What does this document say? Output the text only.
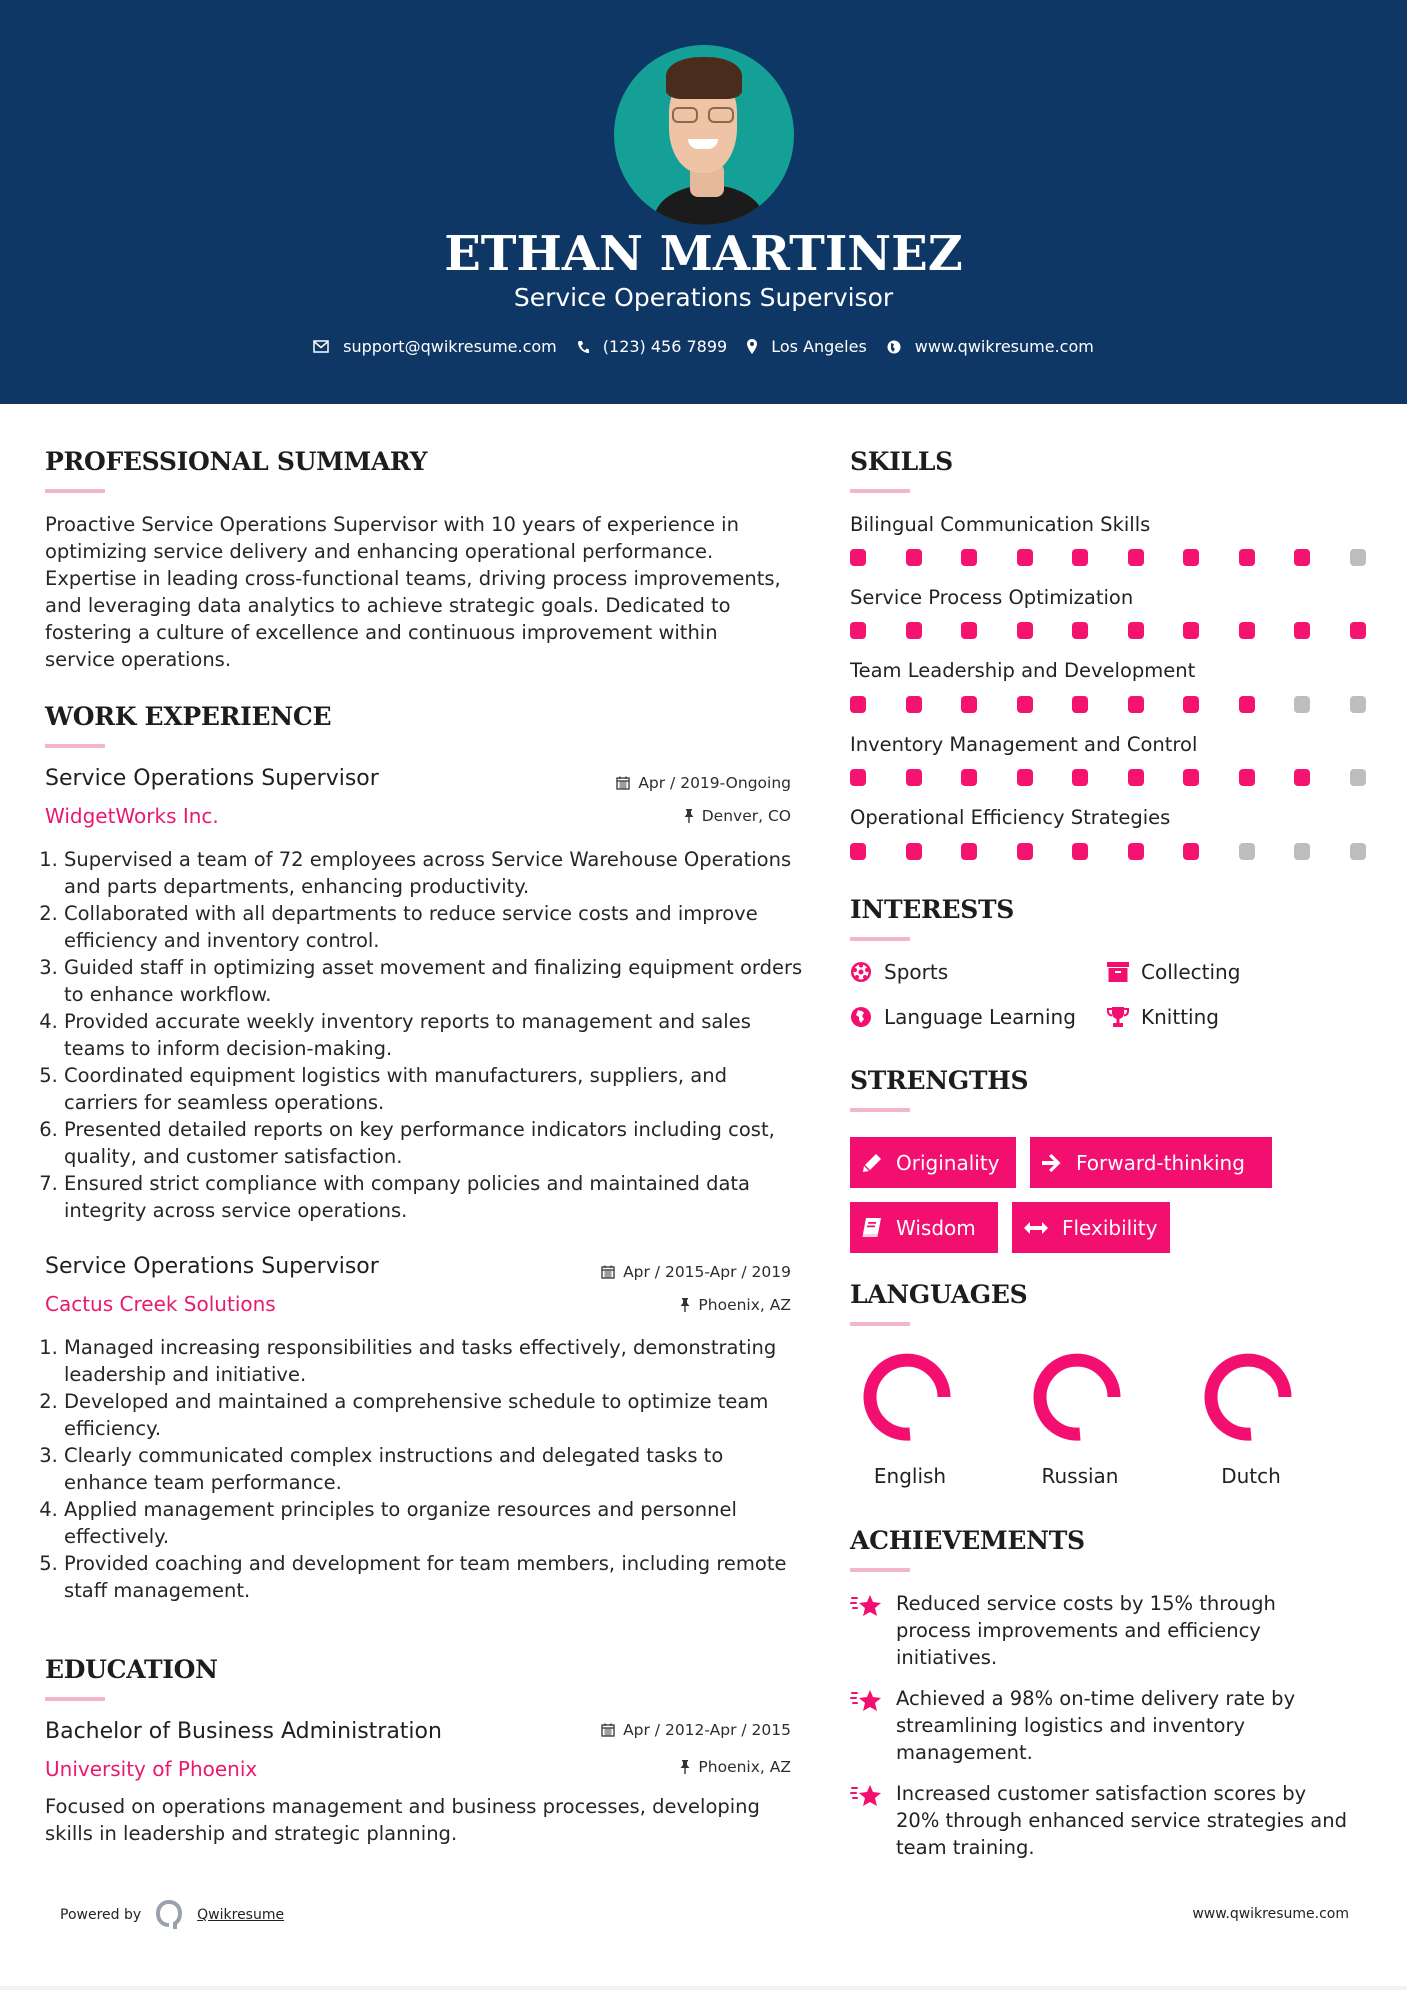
ETHAN MARTINEZ
Service Operations Supervisor
support@qwikresume.com	(123) 456 7899	Los Angeles	www.qwikresume.com
PROFESSIONAL SUMMARY
Proactive Service Operations Supervisor with 10 years of experience in optimizing service delivery and enhancing operational performance. Expertise in leading cross-functional teams, driving process improvements, and leveraging data analytics to achieve strategic goals. Dedicated to fostering a culture of excellence and continuous improvement within service operations.
WORK EXPERIENCE
Service Operations Supervisor	Apr / 2019-Ongoing
WidgetWorks Inc.	Denver, CO
1. Supervised a team of 72 employees across Service Warehouse Operations and parts departments, enhancing productivity.
2. Collaborated with all departments to reduce service costs and improve efficiency and inventory control.
3. Guided staff in optimizing asset movement and finalizing equipment orders to enhance workflow.
4. Provided accurate weekly inventory reports to management and sales teams to inform decision-making.
5. Coordinated equipment logistics with manufacturers, suppliers, and carriers for seamless operations.
6. Presented detailed reports on key performance indicators including cost, quality, and customer satisfaction.
7. Ensured strict compliance with company policies and maintained data integrity across service operations.
Service Operations Supervisor	Apr / 2015-Apr / 2019
Cactus Creek Solutions	Phoenix, AZ
1. Managed increasing responsibilities and tasks effectively, demonstrating leadership and initiative.
2. Developed and maintained a comprehensive schedule to optimize team efficiency.
3. Clearly communicated complex instructions and delegated tasks to enhance team performance.
4. Applied management principles to organize resources and personnel effectively.
5. Provided coaching and development for team members, including remote staff management.
EDUCATION
Bachelor of Business Administration	Apr / 2012-Apr / 2015
University of Phoenix	Phoenix, AZ
Focused on operations management and business processes, developing skills in leadership and strategic planning.
SKILLS
Bilingual Communication Skills
Service Process Optimization
Team Leadership and Development
Inventory Management and Control
Operational Efficiency Strategies
INTERESTS
Sports	Collecting
Language Learning	Knitting
STRENGTHS
Originality	Forward-thinking
Wisdom	Flexibility
LANGUAGES
English	Russian	Dutch
ACHIEVEMENTS
Reduced service costs by 15% through process improvements and efficiency initiatives.
Achieved a 98% on-time delivery rate by streamlining logistics and inventory management.
Increased customer satisfaction scores by 20% through enhanced service strategies and team training.
Powered by	Qwikresume	www.qwikresume.com
